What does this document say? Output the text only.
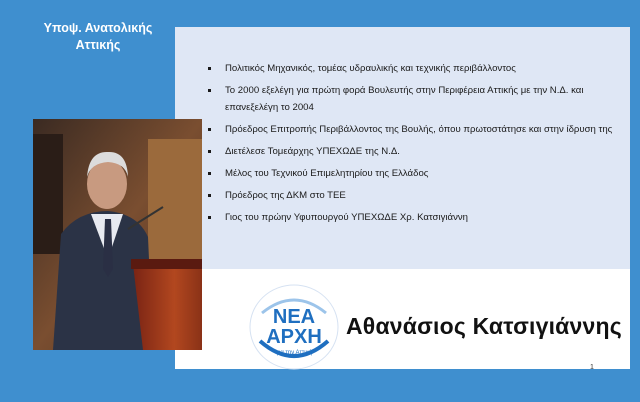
Υποψ. Ανατολικής
Αττικής
Πολιτικός Μηχανικός, τομέας υδραυλικής και τεχνικής περιβάλλοντος
Το 2000 εξελέγη για πρώτη φορά Βουλευτής στην Περιφέρεια Αττικής με την Ν.Δ. και επανεξελέγη το 2004
Πρόεδρος Επιτροπής Περιβάλλοντος της Βουλής, όπου πρωτοστάτησε και στην ίδρυση της
Διετέλεσε Τομεάρχης ΥΠΕΧΩΔΕ της Ν.Δ.
Μέλος του Τεχνικού Επιμελητηρίου της Ελλάδος
Πρόεδρος της ΔΚΜ στο ΤΕΕ
Γιος του πρώην Υφυπουργού ΥΠΕΧΩΔΕ Χρ. Κατσιγιάννη
ΝΕΑ
ΑΡΧΗ
για την Αττική
Αθανάσιος Κατσιγιάννης
1
